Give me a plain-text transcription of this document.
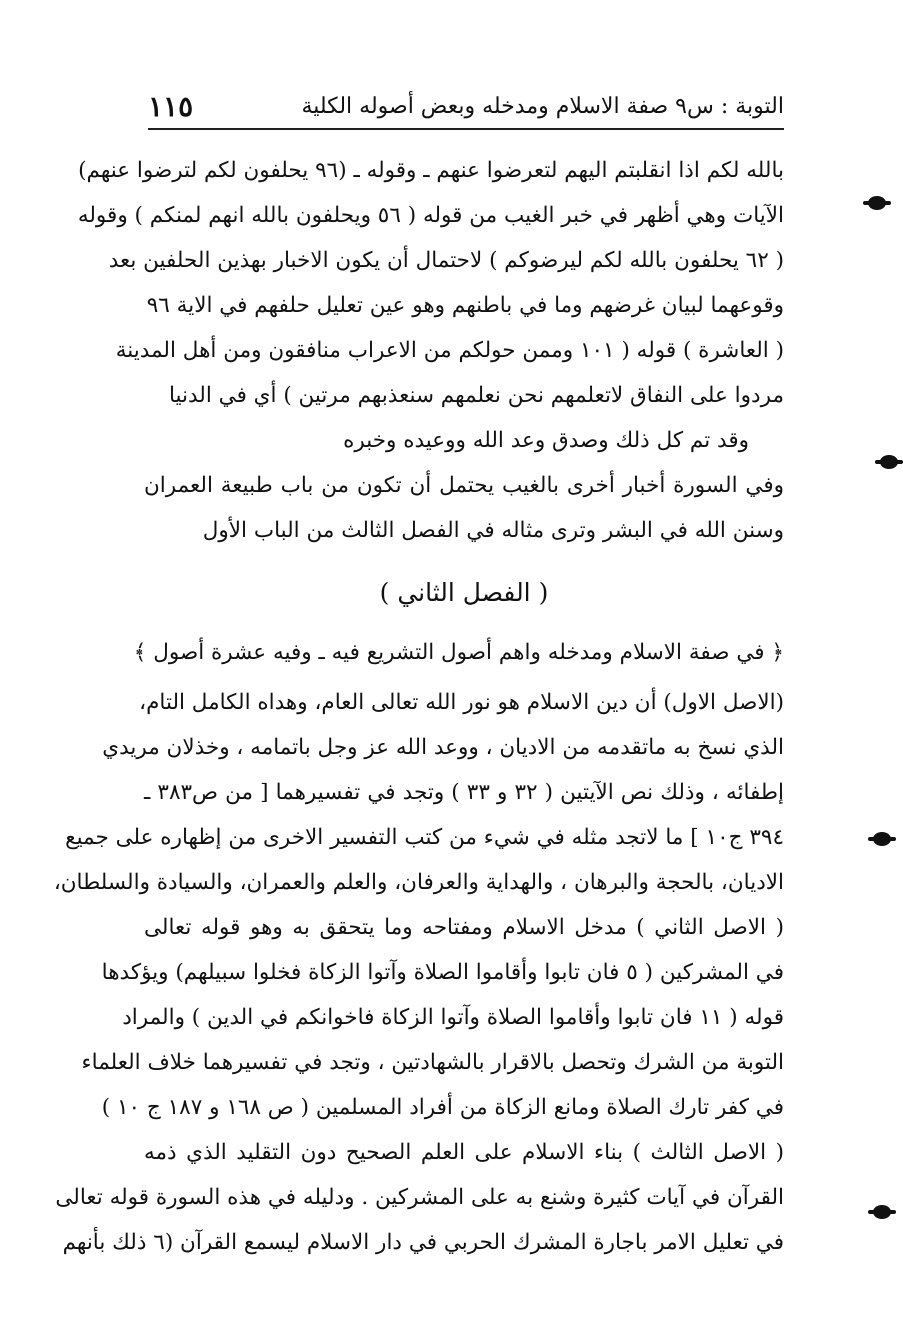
التوبة : س٩ صفة الاسلام ومدخله وبعض أصوله الكلية
١١٥
بالله لكم اذا انقلبتم اليهم لتعرضوا عنهم ـ وقوله ـ (٩٦ يحلفون لكم لترضوا عنهم)
الآيات وهي أظهر في خبر الغيب من قوله ( ٥٦ ويحلفون بالله انهم لمنكم ) وقوله
( ٦٢ يحلفون بالله لكم ليرضوكم ) لاحتمال أن يكون الاخبار بهذين الحلفين بعد
وقوعهما لبيان غرضهم وما في باطنهم وهو عين تعليل حلفهم في الاية ٩٦
( العاشرة ) قوله ( ١٠١ وممن حولكم من الاعراب منافقون ومن أهل المدينة
مردوا على النفاق لاتعلمهم نحن نعلمهم سنعذبهم مرتين ) أي في الدنيا
وقد تم كل ذلك وصدق وعد الله ووعيده وخبره
وفي السورة أخبار أخرى بالغيب يحتمل أن تكون من باب طبيعة العمران
وسنن الله في البشر وترى مثاله في الفصل الثالث من الباب الأول
( الفصل الثاني )
﴿ في صفة الاسلام ومدخله واهم أصول التشريع فيه ـ وفيه عشرة أصول ﴾
(الاصل الاول) أن دين الاسلام هو نور الله تعالى العام، وهداه الكامل التام،
الذي نسخ به ماتقدمه من الاديان ، ووعد الله عز وجل باتمامه ، وخذلان مريدي
إطفائه ، وذلك نص الآيتين ( ٣٢ و ٣٣ ) وتجد في تفسيرهما [ من ص٣٨٣ ـ
٣٩٤ ج١٠ ] ما لاتجد مثله في شيء من كتب التفسير الاخرى من إظهاره على جميع
الاديان، بالحجة والبرهان ، والهداية والعرفان، والعلم والعمران، والسيادة والسلطان،
( الاصل الثاني ) مدخل الاسلام ومفتاحه وما يتحقق به وهو قوله تعالى
في المشركين ( ٥ فان تابوا وأقاموا الصلاة وآتوا الزكاة فخلوا سبيلهم) ويؤكدها
قوله ( ١١ فان تابوا وأقاموا الصلاة وآتوا الزكاة فاخوانكم في الدين ) والمراد
التوبة من الشرك وتحصل بالاقرار بالشهادتين ، وتجد في تفسيرهما خلاف العلماء
في كفر تارك الصلاة ومانع الزكاة من أفراد المسلمين ( ص ١٦٨ و ١٨٧ ج ١٠ )
( الاصل الثالث ) بناء الاسلام على العلم الصحيح دون التقليد الذي ذمه
القرآن في آيات كثيرة وشنع به على المشركين . ودليله في هذه السورة قوله تعالى
في تعليل الامر باجارة المشرك الحربي في دار الاسلام ليسمع القرآن (٦ ذلك بأنهم
